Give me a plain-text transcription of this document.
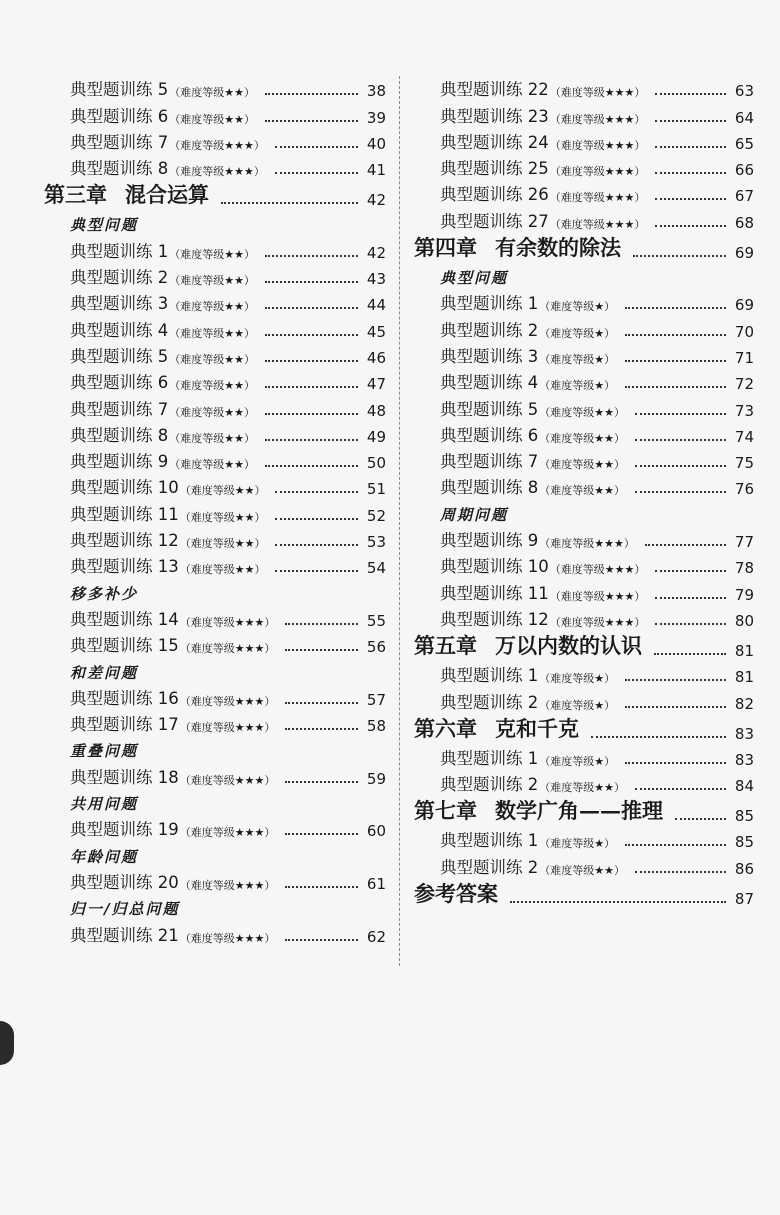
典型题训练 5 （难度等级★★）	38
典型题训练 6 （难度等级★★）	39
典型题训练 7 （难度等级★★★）	40
典型题训练 8 （难度等级★★★）	41
第三章 混合运算	42
典型问题
典型题训练 1 （难度等级★★）	42
典型题训练 2 （难度等级★★）	43
典型题训练 3 （难度等级★★）	44
典型题训练 4 （难度等级★★）	45
典型题训练 5 （难度等级★★）	46
典型题训练 6 （难度等级★★）	47
典型题训练 7 （难度等级★★）	48
典型题训练 8 （难度等级★★）	49
典型题训练 9 （难度等级★★）	50
典型题训练 10 （难度等级★★）	51
典型题训练 11 （难度等级★★）	52
典型题训练 12 （难度等级★★）	53
典型题训练 13 （难度等级★★）	54
移多补少
典型题训练 14 （难度等级★★★）	55
典型题训练 15 （难度等级★★★）	56
和差问题
典型题训练 16 （难度等级★★★）	57
典型题训练 17 （难度等级★★★）	58
重叠问题
典型题训练 18 （难度等级★★★）	59
共用问题
典型题训练 19 （难度等级★★★）	60
年龄问题
典型题训练 20 （难度等级★★★）	61
归一/归总问题
典型题训练 21 （难度等级★★★）	62
典型题训练 22 （难度等级★★★）	63
典型题训练 23 （难度等级★★★）	64
典型题训练 24 （难度等级★★★）	65
典型题训练 25 （难度等级★★★）	66
典型题训练 26 （难度等级★★★）	67
典型题训练 27 （难度等级★★★）	68
第四章 有余数的除法	69
典型问题
典型题训练 1 （难度等级★）	69
典型题训练 2 （难度等级★）	70
典型题训练 3 （难度等级★）	71
典型题训练 4 （难度等级★）	72
典型题训练 5 （难度等级★★）	73
典型题训练 6 （难度等级★★）	74
典型题训练 7 （难度等级★★）	75
典型题训练 8 （难度等级★★）	76
周期问题
典型题训练 9 （难度等级★★★）	77
典型题训练 10 （难度等级★★★）	78
典型题训练 11 （难度等级★★★）	79
典型题训练 12 （难度等级★★★）	80
第五章 万以内数的认识	81
典型题训练 1 （难度等级★）	81
典型题训练 2 （难度等级★）	82
第六章 克和千克	83
典型题训练 1 （难度等级★）	83
典型题训练 2 （难度等级★★）	84
第七章 数学广角——推理	85
典型题训练 1 （难度等级★）	85
典型题训练 2 （难度等级★★）	86
参考答案	87
